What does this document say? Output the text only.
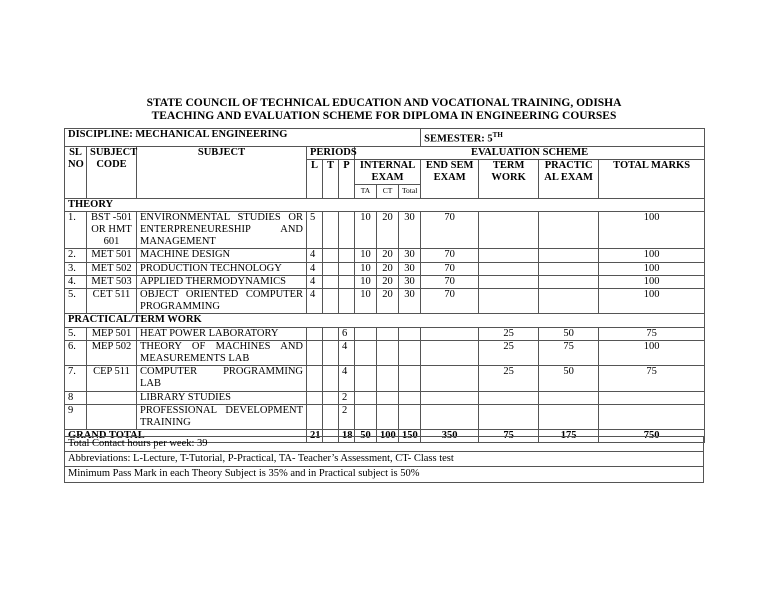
STATE COUNCIL OF TECHNICAL EDUCATION AND VOCATIONAL TRAINING, ODISHA
TEACHING AND EVALUATION SCHEME FOR DIPLOMA IN ENGINEERING COURSES
DISCIPLINE: MECHANICAL ENGINEERING									SEMESTER: 5TH
SL NO	SUBJECT CODE	SUBJECT	PERIODS			EVALUATION SCHEME						
			L	T	P	INTERNAL EXAM			END SEM EXAM	TERM WORK	PRACTIC AL EXAM	TOTAL MARKS
						TA	CT	Total				
THEORY												
1.	BST -501 OR HMT 601	ENVIRONMENTAL STUDIES OR ENTERPRENEURESHIP AND MANAGEMENT	5			10	20	30	70			100
2.	MET 501	MACHINE DESIGN	4			10	20	30	70			100
3.	MET 502	PRODUCTION TECHNOLOGY	4			10	20	30	70			100
4.	MET 503	APPLIED THERMODYNAMICS	4			10	20	30	70			100
5.	CET 511	OBJECT ORIENTED COMPUTER PROGRAMMING	4			10	20	30	70			100
PRACTICAL/TERM WORK												
5.	MEP 501	HEAT POWER LABORATORY			6					25	50	75
6.	MEP 502	THEORY OF MACHINES AND MEASUREMENTS LAB			4					25	75	100
7.	CEP 511	COMPUTER PROGRAMMING LAB			4					25	50	75
8		LIBRARY STUDIES			2							
9		PROFESSIONAL DEVELOPMENT TRAINING			2							
GRAND TOTAL			21		18	50	100	150	350	75	175	750
Total Contact hours per week: 39
Abbreviations: L-Lecture, T-Tutorial, P-Practical, TA- Teacher’s Assessment, CT- Class test
Minimum Pass Mark in each Theory Subject is 35% and in Practical subject is 50%
